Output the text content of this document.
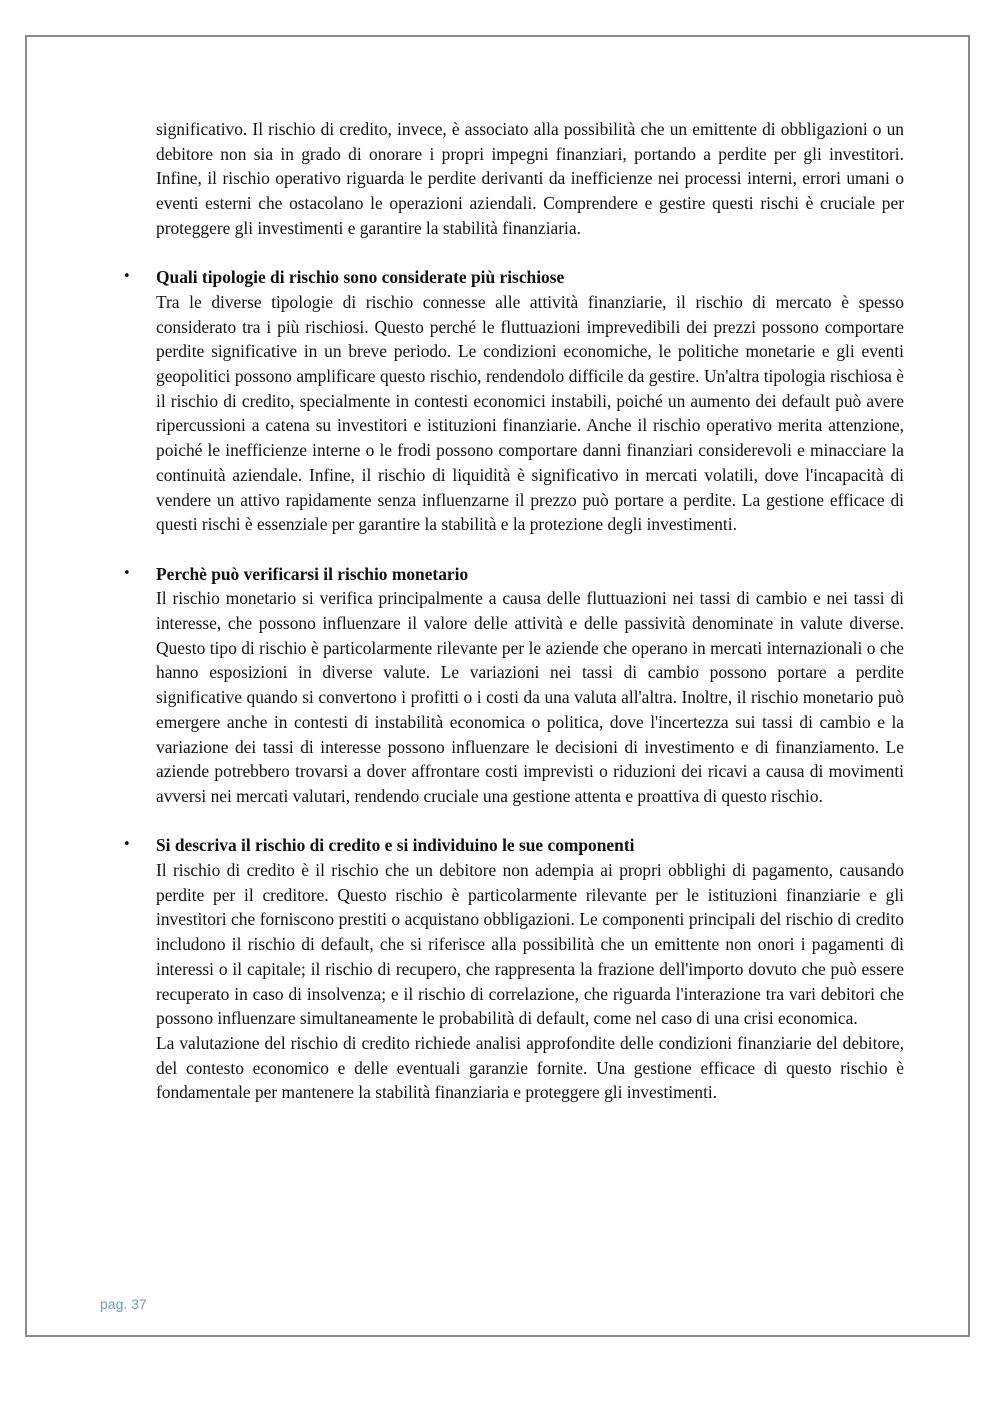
significativo. Il rischio di credito, invece, è associato alla possibilità che un emittente di obbligazioni o un debitore non sia in grado di onorare i propri impegni finanziari, portando a perdite per gli investitori. Infine, il rischio operativo riguarda le perdite derivanti da inefficienze nei processi interni, errori umani o eventi esterni che ostacolano le operazioni aziendali. Comprendere e gestire questi rischi è cruciale per proteggere gli investimenti e garantire la stabilità finanziaria.

• Quali tipologie di rischio sono considerate più rischiose

Tra le diverse tipologie di rischio connesse alle attività finanziarie, il rischio di mercato è spesso considerato tra i più rischiosi. Questo perché le fluttuazioni imprevedibili dei prezzi possono comportare perdite significative in un breve periodo. Le condizioni economiche, le politiche monetarie e gli eventi geopolitici possono amplificare questo rischio, rendendolo difficile da gestire. Un'altra tipologia rischiosa è il rischio di credito, specialmente in contesti economici instabili, poiché un aumento dei default può avere ripercussioni a catena su investitori e istituzioni finanziarie. Anche il rischio operativo merita attenzione, poiché le inefficienze interne o le frodi possono comportare danni finanziari considerevoli e minacciare la continuità aziendale. Infine, il rischio di liquidità è significativo in mercati volatili, dove l'incapacità di vendere un attivo rapidamente senza influenzarne il prezzo può portare a perdite. La gestione efficace di questi rischi è essenziale per garantire la stabilità e la protezione degli investimenti.

• Perchè può verificarsi il rischio monetario

Il rischio monetario si verifica principalmente a causa delle fluttuazioni nei tassi di cambio e nei tassi di interesse, che possono influenzare il valore delle attività e delle passività denominate in valute diverse. Questo tipo di rischio è particolarmente rilevante per le aziende che operano in mercati internazionali o che hanno esposizioni in diverse valute. Le variazioni nei tassi di cambio possono portare a perdite significative quando si convertono i profitti o i costi da una valuta all'altra. Inoltre, il rischio monetario può emergere anche in contesti di instabilità economica o politica, dove l'incertezza sui tassi di cambio e la variazione dei tassi di interesse possono influenzare le decisioni di investimento e di finanziamento. Le aziende potrebbero trovarsi a dover affrontare costi imprevisti o riduzioni dei ricavi a causa di movimenti avversi nei mercati valutari, rendendo cruciale una gestione attenta e proattiva di questo rischio.

• Si descriva il rischio di credito e si individuino le sue componenti

Il rischio di credito è il rischio che un debitore non adempia ai propri obblighi di pagamento, causando perdite per il creditore. Questo rischio è particolarmente rilevante per le istituzioni finanziarie e gli investitori che forniscono prestiti o acquistano obbligazioni. Le componenti principali del rischio di credito includono il rischio di default, che si riferisce alla possibilità che un emittente non onori i pagamenti di interessi o il capitale; il rischio di recupero, che rappresenta la frazione dell'importo dovuto che può essere recuperato in caso di insolvenza; e il rischio di correlazione, che riguarda l'interazione tra vari debitori che possono influenzare simultaneamente le probabilità di default, come nel caso di una crisi economica.

La valutazione del rischio di credito richiede analisi approfondite delle condizioni finanziarie del debitore, del contesto economico e delle eventuali garanzie fornite. Una gestione efficace di questo rischio è fondamentale per mantenere la stabilità finanziaria e proteggere gli investimenti.

pag. 37
